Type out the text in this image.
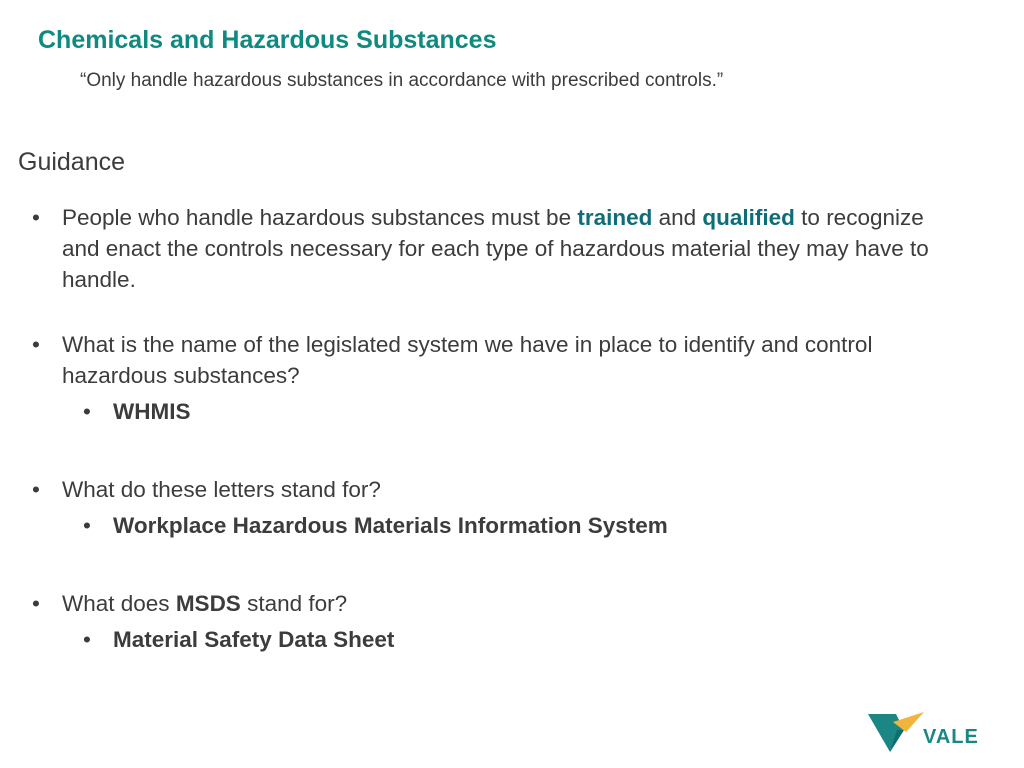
Chemicals and Hazardous Substances

“Only handle hazardous substances in accordance with prescribed controls.”

Guidance
• People who handle hazardous substances must be trained and qualified to recognize and enact the controls necessary for each type of hazardous material they may have to handle.
• What is the name of the legislated system we have in place to identify and control hazardous substances?
• WHMIS
• What do these letters stand for?
• Workplace Hazardous Materials Information System
• What does MSDS stand for?
• Material Safety Data Sheet
VALE
